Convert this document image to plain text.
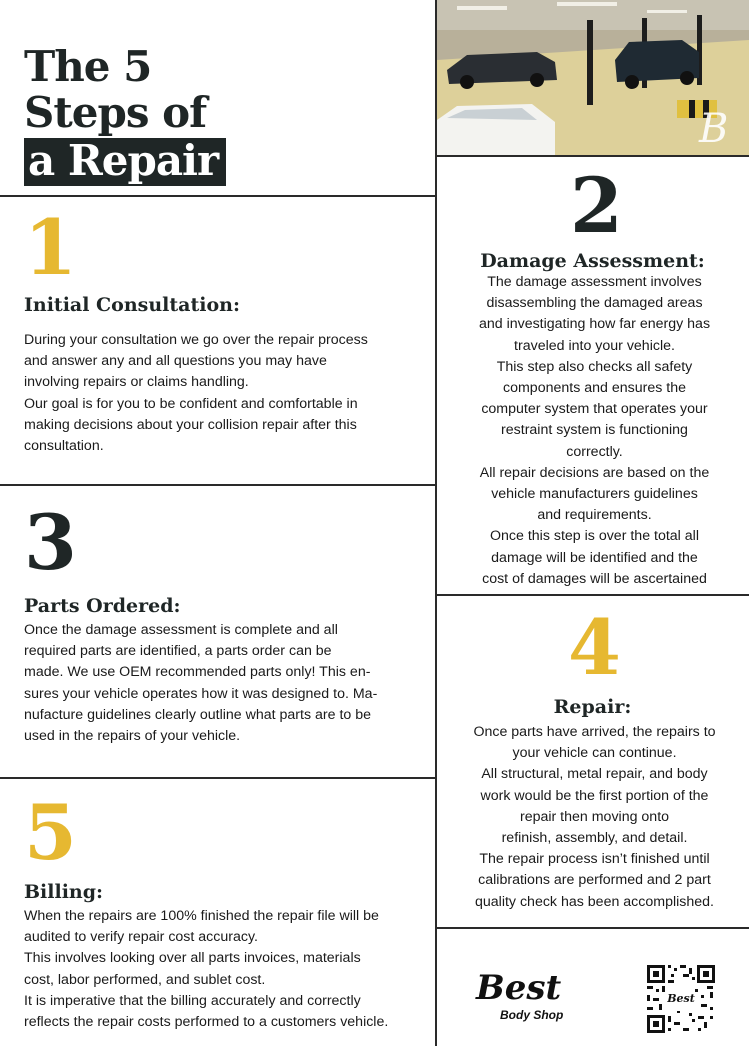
The 5
Steps of
a Repair
B
1
Initial Consultation:

During your consultation we go over the repair process

and answer any and all questions you may have

involving repairs or claims handling.

Our goal is for you to be confident and comfortable in

making decisions about your collision repair after this

consultation.

2
Damage Assessment:

The damage assessment involves

disassembling the damaged areas

and investigating how far energy has

traveled into your vehicle.

This step also checks all safety

components and ensures the

computer system that operates your

restraint system is functioning

correctly.

All repair decisions are based on the

vehicle manufacturers guidelines

and requirements.

Once this step is over the total all

damage will be identified and the

cost of damages will be ascertained

3
Parts Ordered:

Once the damage assessment is complete and all

required parts are identified, a parts order can be

made. We use OEM recommended parts only! This en-

sures your vehicle operates how it was designed to. Ma-

nufacture guidelines clearly outline what parts are to be

used in the repairs of your vehicle.

4
Repair:

Once parts have arrived, the repairs to

your vehicle can continue.

All structural, metal repair, and body

work would be the first portion of the

repair then moving onto

refinish, assembly, and detail.

The repair process isn’t finished until

calibrations are performed and 2 part

quality check has been accomplished.

5
Billing:

When the repairs are 100% finished the repair file will be

audited to verify repair cost accuracy.

This involves looking over all parts invoices, materials

cost, labor performed, and sublet cost.

It is imperative that the billing accurately and correctly

reflects the repair costs performed to a customers vehicle.

Best
Body Shop
Best
